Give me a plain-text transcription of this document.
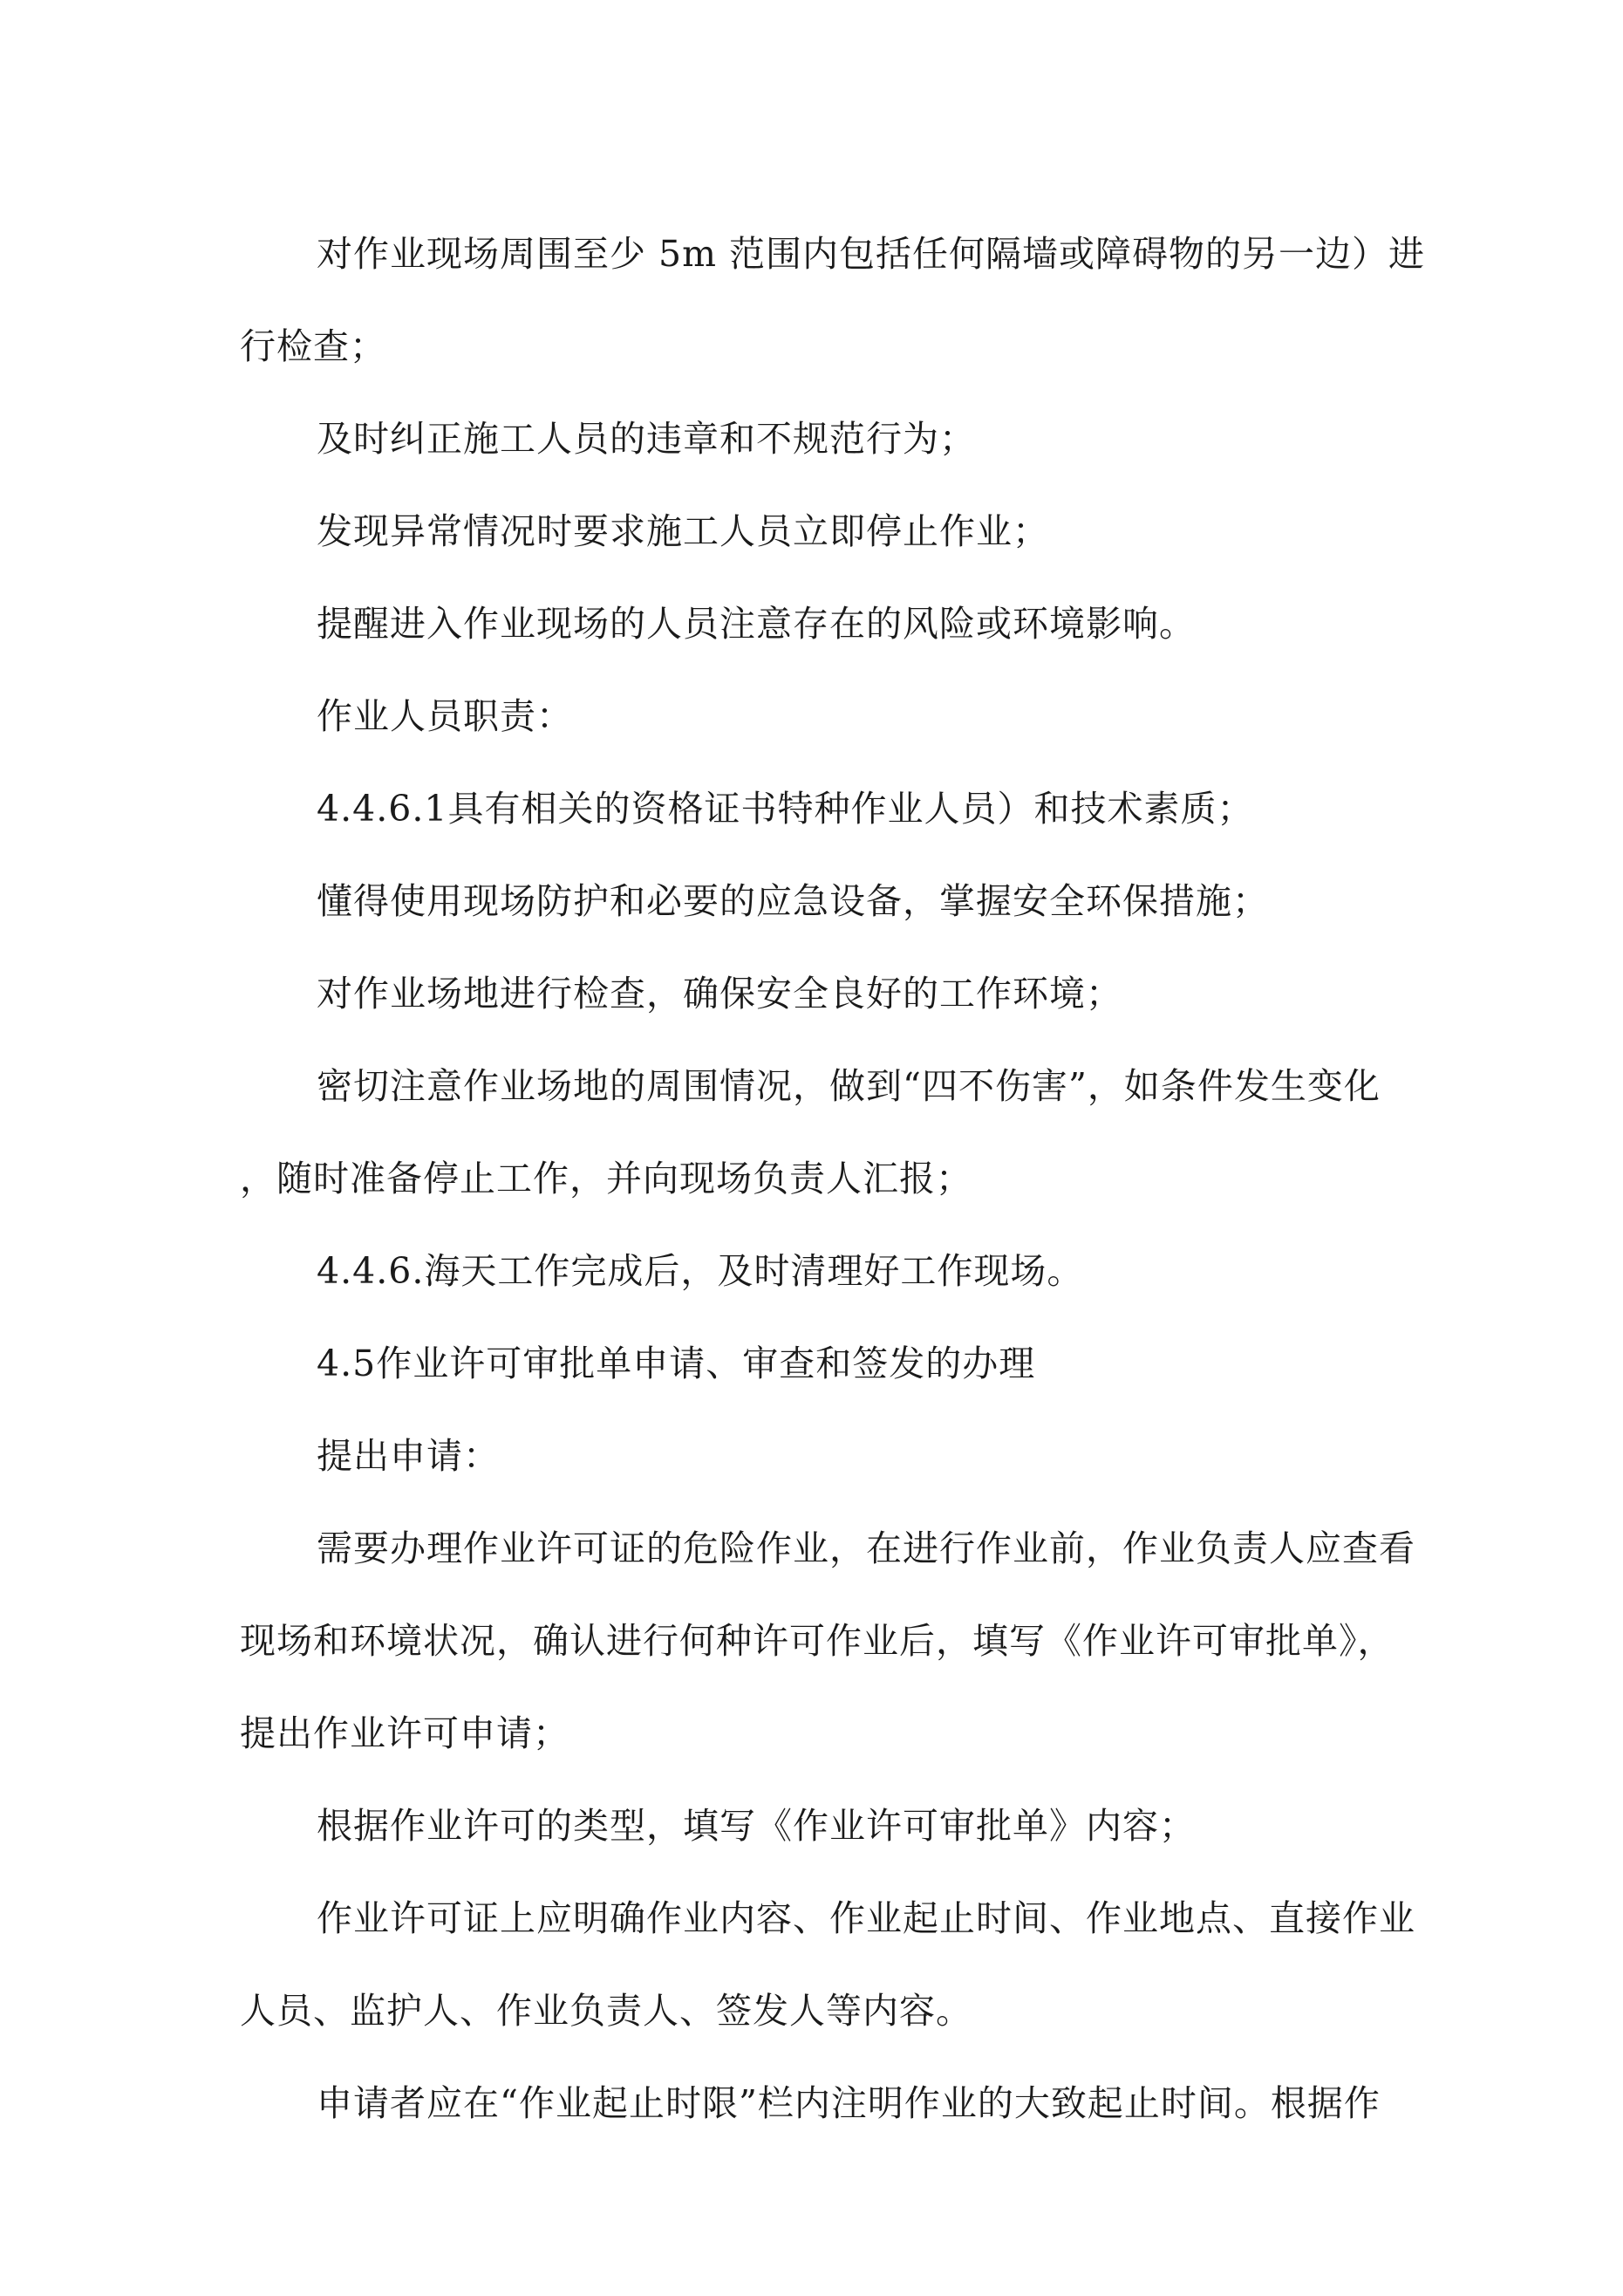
对作业现场周围至少 5m 范围内包括任何隔墙或障碍物的另一边）进

行检查；

及时纠正施工人员的违章和不规范行为；

发现异常情况时要求施工人员立即停止作业；

提醒进入作业现场的人员注意存在的风险或环境影响。

作业人员职责：

4.4.6.1具有相关的资格证书特种作业人员）和技术素质；

懂得使用现场防护和必要的应急设备，掌握安全环保措施；

对作业场地进行检查，确保安全良好的工作环境；

密切注意作业场地的周围情况，做到“四不伤害”，如条件发生变化

，随时准备停止工作，并向现场负责人汇报；

4.4.6.海天工作完成后，及时清理好工作现场。

4.5作业许可审批单申请、审查和签发的办理

提出申请：

需要办理作业许可证的危险作业，在进行作业前，作业负责人应查看

现场和环境状况，确认进行何种许可作业后，填写《作业许可审批单》，

提出作业许可申请；

根据作业许可的类型，填写《作业许可审批单》内容；

作业许可证上应明确作业内容、作业起止时间、作业地点、直接作业

人员、监护人、作业负责人、签发人等内容。

申请者应在“作业起止时限”栏内注明作业的大致起止时间。根据作
